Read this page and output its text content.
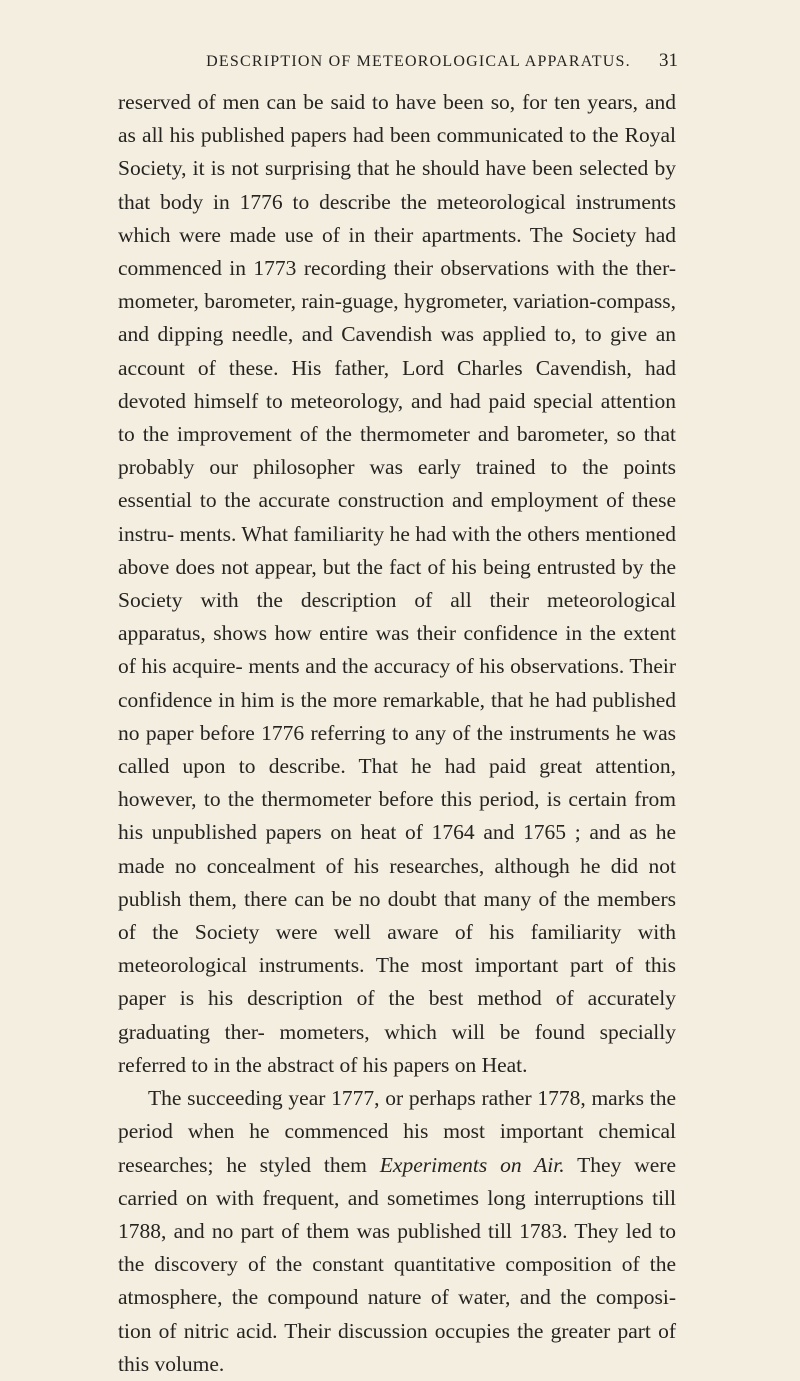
DESCRIPTION OF METEOROLOGICAL APPARATUS.	31

reserved of men can be said to have been so, for ten years, and as all his published papers had been communicated to the Royal Society, it is not surprising that he should have been selected by that body in 1776 to describe the meteorological instruments which were made use of in their apartments. The Society had commenced in 1773 recording their observations with the ther- mometer, barometer, rain-guage, hygrometer, variation-compass, and dipping needle, and Cavendish was applied to, to give an account of these. His father, Lord Charles Cavendish, had devoted himself to meteorology, and had paid special attention to the improvement of the thermometer and barometer, so that probably our philosopher was early trained to the points essential to the accurate construction and employment of these instru- ments. What familiarity he had with the others mentioned above does not appear, but the fact of his being entrusted by the Society with the description of all their meteorological apparatus, shows how entire was their confidence in the extent of his acquire- ments and the accuracy of his observations. Their confidence in him is the more remarkable, that he had published no paper before 1776 referring to any of the instruments he was called upon to describe. That he had paid great attention, however, to the thermometer before this period, is certain from his unpublished papers on heat of 1764 and 1765 ; and as he made no concealment of his researches, although he did not publish them, there can be no doubt that many of the members of the Society were well aware of his familiarity with meteorological instruments. The most important part of this paper is his description of the best method of accurately graduating ther- mometers, which will be found specially referred to in the abstract of his papers on Heat.

The succeeding year 1777, or perhaps rather 1778, marks the period when he commenced his most important chemical researches; he styled them Experiments on Air. They were carried on with frequent, and sometimes long interruptions till 1788, and no part of them was published till 1783. They led to the discovery of the constant quantitative composition of the atmosphere, the compound nature of water, and the composi- tion of nitric acid. Their discussion occupies the greater part of this volume.
